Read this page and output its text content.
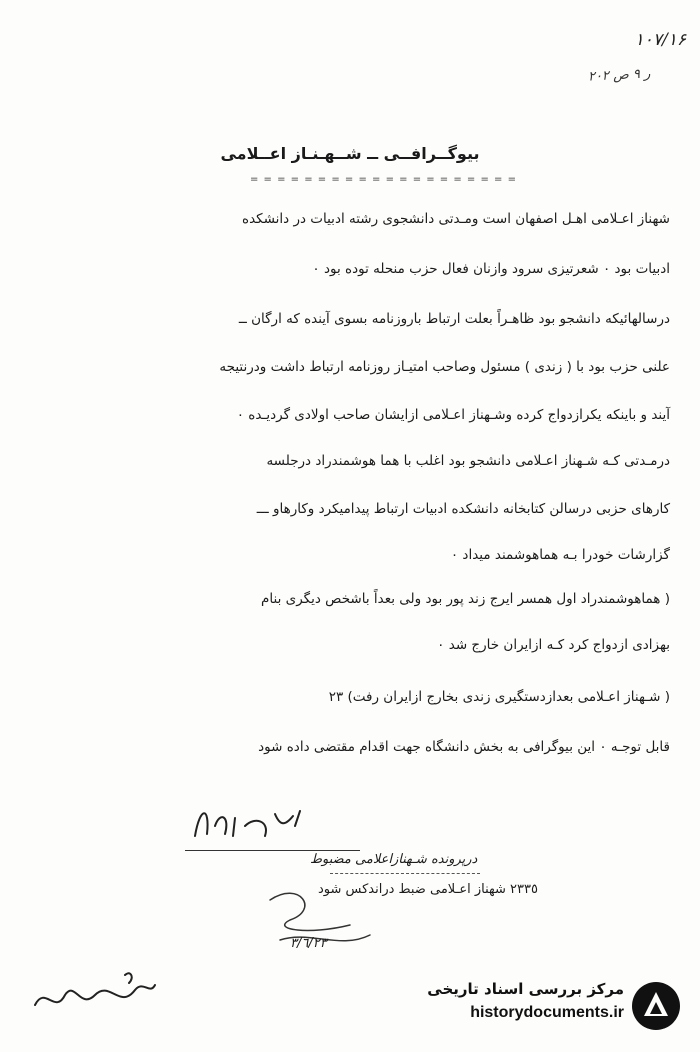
۱۰۷/۱۶
۲۰۲ ر ۹ ص
بیوگــرافــی ــ شــهـنـاز اعــلامی
= = = = = = = = = = = = = = = = = = = =

شهناز اعـلامی اهـل اصفهان است ومـدتی دانشجوی رشته ادبیات در دانشکده

ادبیات بود ٠ شعرتیزی سرود وازنان فعال حزب منحله توده بود ٠

درسالهائیکه دانشجو بود ظاهـراً بعلت ارتباط باروزنامه بسوی آینده که ارگان ــ

علنی حزب بود با ( زندی ) مسئول وصاحب امتیـاز روزنامه ارتباط داشت ودرنتیجه

آیند و باینکه یکرازدواج کرده وشـهناز اعـلامی ازایشان صاحب اولادی گردیـده ٠

درمـدتی کـه شـهناز اعـلامی دانشجو بود اغلب با هما هوشمندراد درجلسه

کارهای حزبی درسالن کتابخانه دانشکده ادبیات ارتباط پیدامیکرد وکارهاو ـــ

گزارشات خودرا بـه هماهوشمند میداد ٠

( هماهوشمندراد اول همسر ایرج زند پور بود ولی بعداً باشخص دیگری بنام

بهزادی ازدواج کرد کـه ازایران خارج شد ٠

( شـهناز اعـلامی بعدازدستگیری زندی بخارج ازایران رفت) ٢٣

قابل توجـه ٠ این بیوگرافی به بخش دانشگاه جهت اقدام مقتضی داده شود

درپرونده شـهنازاعلامی مضبوط
٢٣٣٥ شهناز اعـلامی ضبط دراندکس شود
٣/٦/٢٣
مرکز بررسی اسناد تاریخی
historydocuments.ir
